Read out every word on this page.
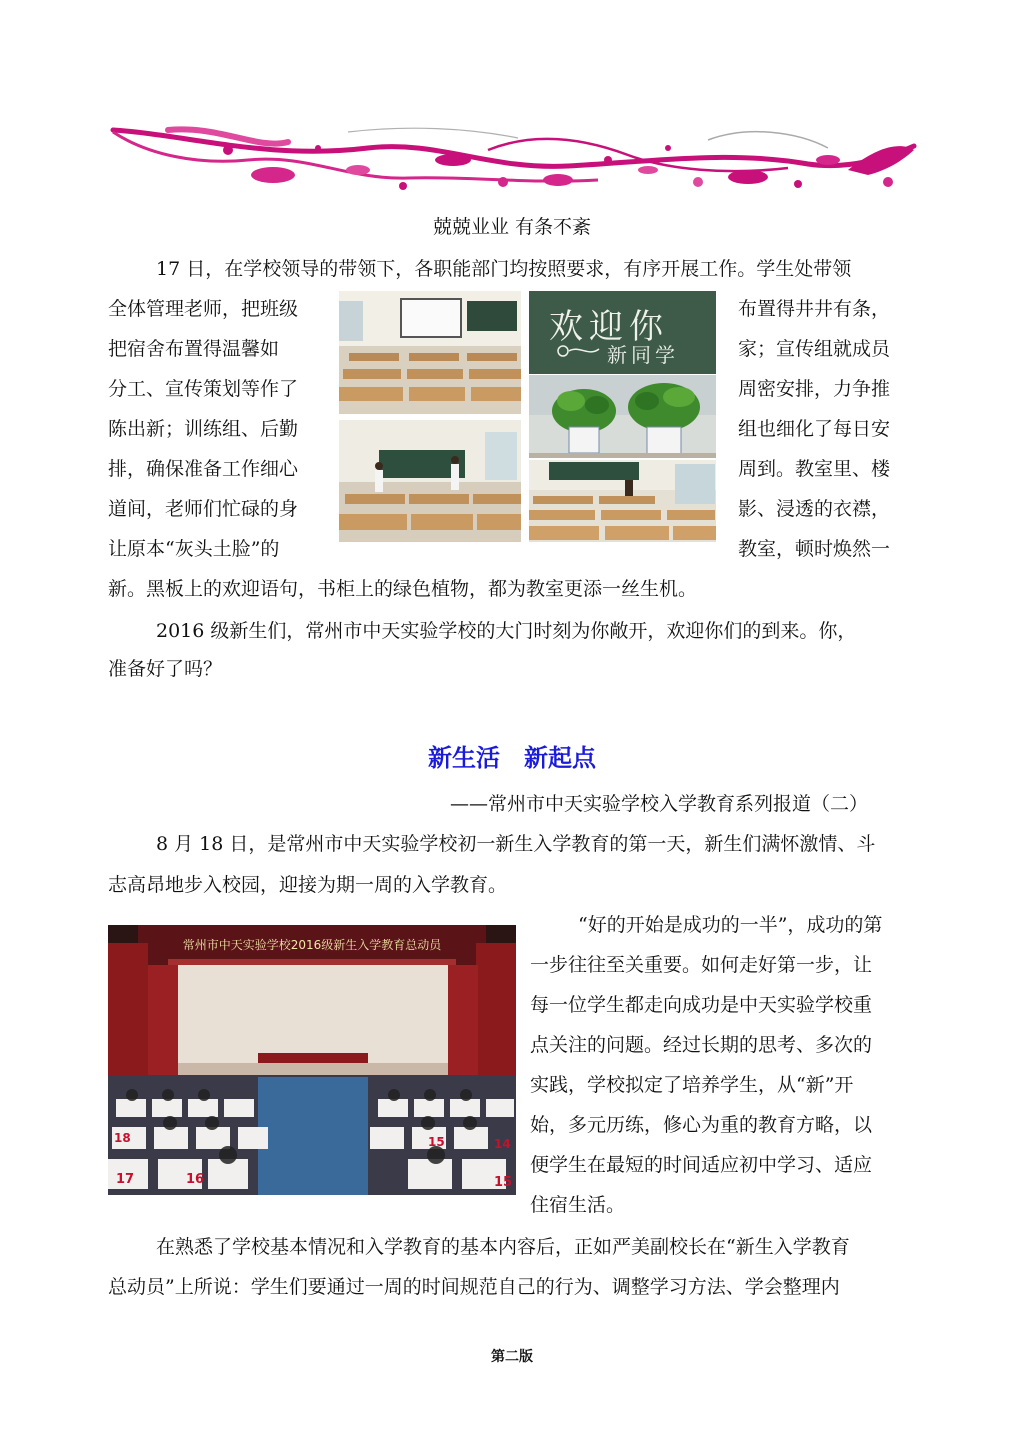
兢兢业业 有条不紊
17 日，在学校领导的带领下，各职能部门均按照要求，有序开展工作。学生处带领
全体管理老师，把班级	布置得井井有条，
把宿舍布置得温馨如	家；宣传组就成员
分工、宣传策划等作了	周密安排，力争推
陈出新；训练组、后勤	组也细化了每日安
排，确保准备工作细心	周到。教室里、楼
道间，老师们忙碌的身	影、浸透的衣襟，
让原本“灰头土脸”的	教室，顿时焕然一
新。黑板上的欢迎语句，书柜上的绿色植物，都为教室更添一丝生机。
2016 级新生们，常州市中天实验学校的大门时刻为你敞开，欢迎你们的到来。你，
准备好了吗？
欢迎你
新同学
新生活　新起点
——常州市中天实验学校入学教育系列报道（二）
8 月 18 日，是常州市中天实验学校初一新生入学教育的第一天，新生们满怀激情、斗
志高昂地步入校园，迎接为期一周的入学教育。
“好的开始是成功的一半”，成功的第
一步往往至关重要。如何走好第一步，让
每一位学生都走向成功是中天实验学校重
点关注的问题。经过长期的思考、多次的
实践，学校拟定了培养学生，从“新”开
始，多元历练，修心为重的教育方略，以
便学生在最短的时间适应初中学习、适应
住宿生活。
在熟悉了学校基本情况和入学教育的基本内容后，正如严美副校长在“新生入学教育
总动员”上所说：学生们要通过一周的时间规范自己的行为、调整学习方法、学会整理内
常州市中天实验学校2016级新生入学教育总动员
18
17	16
15	14
15
第二版
